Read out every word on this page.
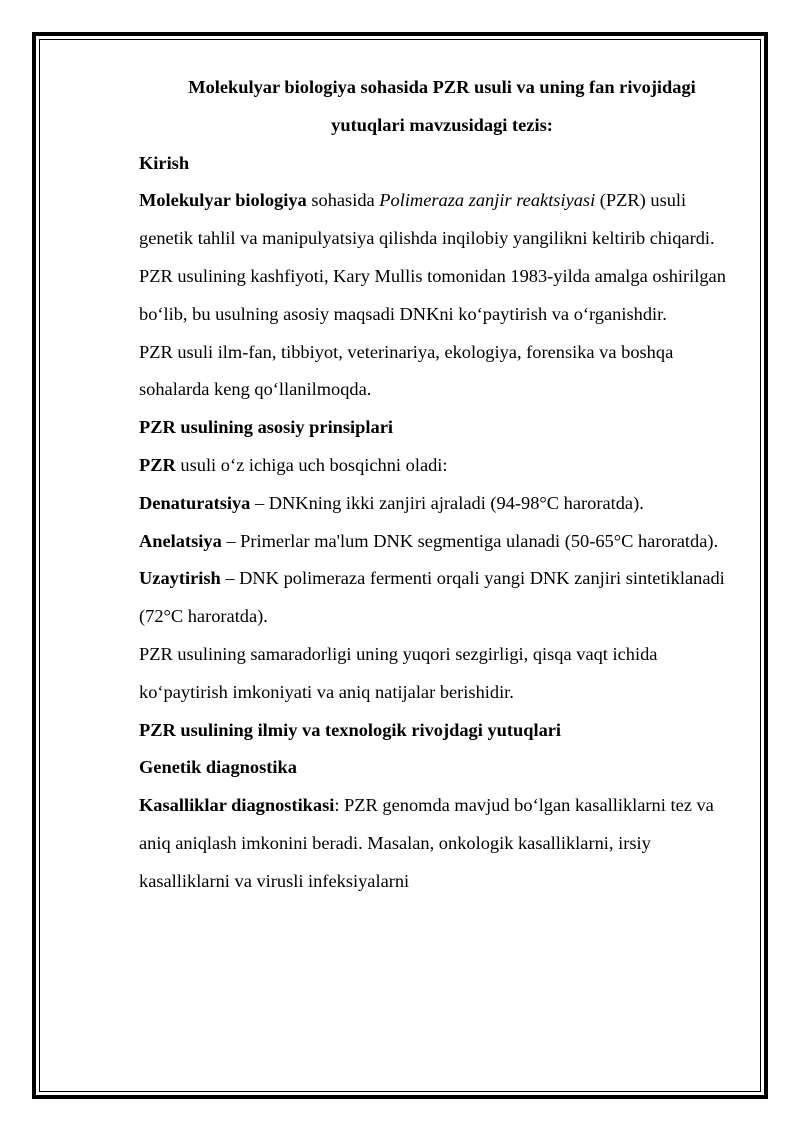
Molekulyar biologiya sohasida PZR usuli va uning fan rivojidagi
yutuqlari mavzusidagi tezis:

Kirish

Molekulyar biologiya sohasida Polimeraza zanjir reaktsiyasi (PZR) usuli genetik tahlil va manipulyatsiya qilishda inqilobiy yangilikni keltirib chiqardi.

PZR usulining kashfiyoti, Kary Mullis tomonidan 1983-yilda amalga oshirilgan bo‘lib, bu usulning asosiy maqsadi DNKni ko‘paytirish va o‘rganishdir.

PZR usuli ilm-fan, tibbiyot, veterinariya, ekologiya, forensika va boshqa sohalarda keng qo‘llanilmoqda.

PZR usulining asosiy prinsiplari

PZR usuli o‘z ichiga uch bosqichni oladi:

Denaturatsiya – DNKning ikki zanjiri ajraladi (94-98°C haroratda).

Anelatsiya – Primerlar ma'lum DNK segmentiga ulanadi (50-65°C haroratda).

Uzaytirish – DNK polimeraza fermenti orqali yangi DNK zanjiri sintetiklanadi (72°C haroratda).

PZR usulining samaradorligi uning yuqori sezgirligi, qisqa vaqt ichida ko‘paytirish imkoniyati va aniq natijalar berishidir.

PZR usulining ilmiy va texnologik rivojdagi yutuqlari

Genetik diagnostika

Kasalliklar diagnostikasi: PZR genomda mavjud bo‘lgan kasalliklarni tez va aniq aniqlash imkonini beradi. Masalan, onkologik kasalliklarni, irsiy kasalliklarni va virusli infeksiyalarni
